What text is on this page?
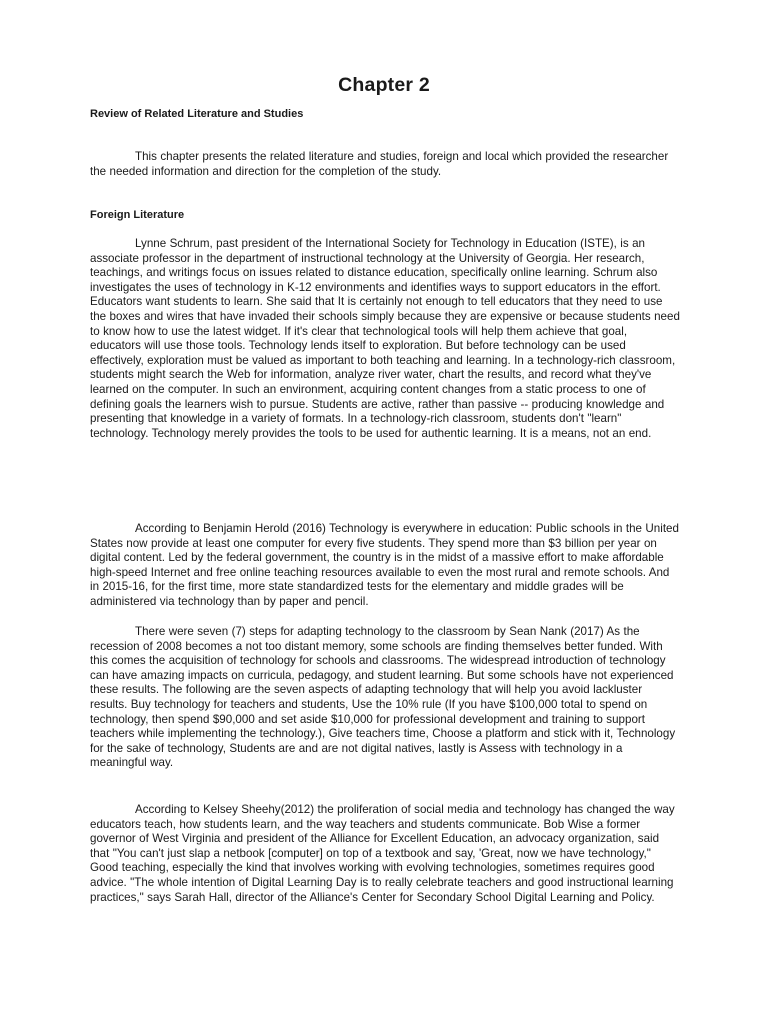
Chapter 2
Review of Related Literature and Studies

This chapter presents the related literature and studies, foreign and local which provided the researcher the needed information and direction for the completion of the study.

Foreign Literature

Lynne Schrum, past president of the International Society for Technology in Education (ISTE), is an associate professor in the department of instructional technology at the University of Georgia. Her research, teachings, and writings focus on issues related to distance education, specifically online learning. Schrum also investigates the uses of technology in K-12 environments and identifies ways to support educators in the effort. Educators want students to learn. She said that It is certainly not enough to tell educators that they need to use the boxes and wires that have invaded their schools simply because they are expensive or because students need to know how to use the latest widget. If it's clear that technological tools will help them achieve that goal, educators will use those tools. Technology lends itself to exploration. But before technology can be used effectively, exploration must be valued as important to both teaching and learning. In a technology-rich classroom, students might search the Web for information, analyze river water, chart the results, and record what they've learned on the computer. In such an environment, acquiring content changes from a static process to one of defining goals the learners wish to pursue. Students are active, rather than passive -- producing knowledge and presenting that knowledge in a variety of formats. In a technology-rich classroom, students don't "learn" technology. Technology merely provides the tools to be used for authentic learning. It is a means, not an end.

According to Benjamin Herold (2016) Technology is everywhere in education: Public schools in the United States now provide at least one computer for every five students. They spend more than $3 billion per year on digital content. Led by the federal government, the country is in the midst of a massive effort to make affordable high-speed Internet and free online teaching resources available to even the most rural and remote schools. And in 2015-16, for the first time, more state standardized tests for the elementary and middle grades will be administered via technology than by paper and pencil.

There were seven (7) steps for adapting technology to the classroom by Sean Nank (2017) As the recession of 2008 becomes a not too distant memory, some schools are finding themselves better funded. With this comes the acquisition of technology for schools and classrooms. The widespread introduction of technology can have amazing impacts on curricula, pedagogy, and student learning. But some schools have not experienced these results. The following are the seven aspects of adapting technology that will help you avoid lackluster results. Buy technology for teachers and students, Use the 10% rule (If you have $100,000 total to spend on technology, then spend $90,000 and set aside $10,000 for professional development and training to support teachers while implementing the technology.), Give teachers time, Choose a platform and stick with it, Technology for the sake of technology, Students are and are not digital natives, lastly is Assess with technology in a meaningful way.

According to Kelsey Sheehy(2012) the proliferation of social media and technology has changed the way educators teach, how students learn, and the way teachers and students communicate. Bob Wise a former governor of West Virginia and president of the Alliance for Excellent Education, an advocacy organization, said that "You can't just slap a netbook [computer] on top of a textbook and say, 'Great, now we have technology," Good teaching, especially the kind that involves working with evolving technologies, sometimes requires good advice. "The whole intention of Digital Learning Day is to really celebrate teachers and good instructional learning practices," says Sarah Hall, director of the Alliance's Center for Secondary School Digital Learning and Policy.
